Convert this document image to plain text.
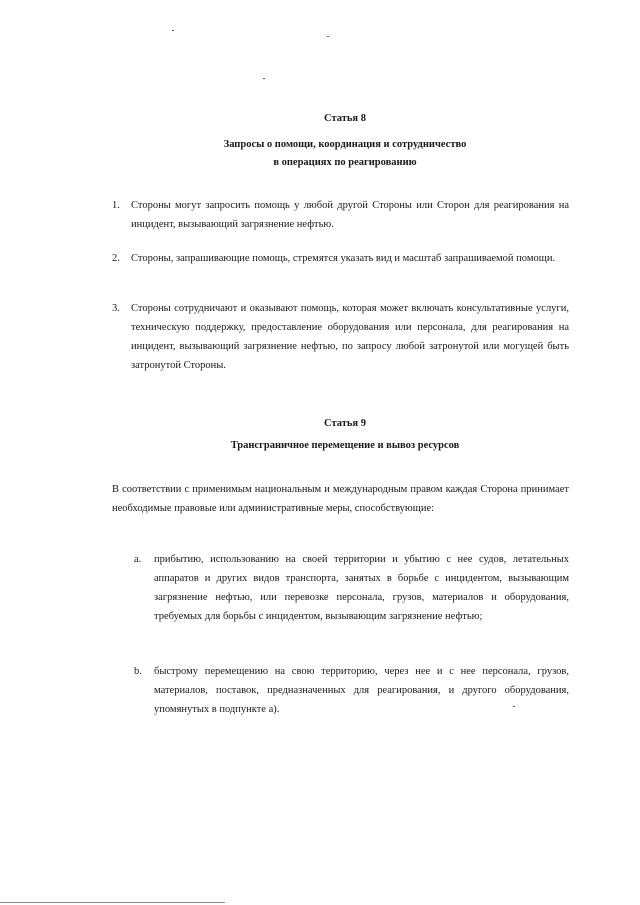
Статья 8
Запросы о помощи, координация и сотрудничество
в операциях по реагированию
1. Стороны могут запросить помощь у любой другой Стороны или Сторон для реагирования на инцидент, вызывающий загрязнение нефтью.
2. Стороны, запрашивающие помощь, стремятся указать вид и масштаб запрашиваемой помощи.
3. Стороны сотрудничают и оказывают помощь, которая может включать консультативные услуги, техническую поддержку, предоставление оборудования или персонала, для реагирования на инцидент, вызывающий загрязнение нефтью, по запросу любой затронутой или могущей быть затронутой Стороны.
Статья 9
Трансграничное перемещение и вывоз ресурсов
В соответствии с применимым национальным и международным правом каждая Сторона принимает необходимые правовые или административные меры, способствующие:
a. прибытию, использованию на своей территории и убытию с нее судов, летательных аппаратов и других видов транспорта, занятых в борьбе с инцидентом, вызывающим загрязнение нефтью, или перевозке персонала, грузов, материалов и оборудования, требуемых для борьбы с инцидентом, вызывающим загрязнение нефтью;
b. быстрому перемещению на свою территорию, через нее и с нее персонала, грузов, материалов, поставок, предназначенных для реагирования, и другого оборудования, упомянутых в подпункте а).
